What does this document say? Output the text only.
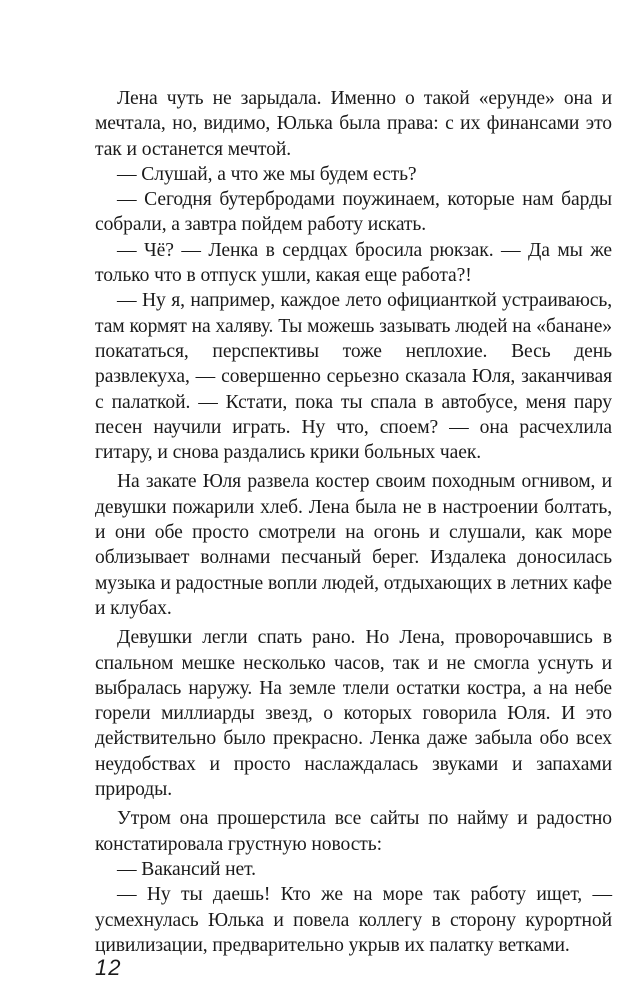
Лена чуть не зарыдала. Именно о такой «ерунде» она и мечтала, но, видимо, Юлька была права: с их финансами это так и останется мечтой.

— Слушай, а что же мы будем есть?

— Сегодня бутербродами поужинаем, которые нам барды собрали, а завтра пойдем работу искать.

— Чё? — Ленка в сердцах бросила рюкзак. — Да мы же только что в отпуск ушли, какая еще работа?!

— Ну я, например, каждое лето официанткой устраиваюсь, там кормят на халяву. Ты можешь зазывать людей на «банане» покататься, перспективы тоже неплохие. Весь день развлекуха, — совершенно серьезно сказала Юля, заканчивая с палаткой. — Кстати, пока ты спала в автобусе, меня пару песен научили играть. Ну что, споем? — она расчехлила гитару, и снова раздались крики больных чаек.

На закате Юля развела костер своим походным огнивом, и девушки пожарили хлеб. Лена была не в настроении болтать, и они обе просто смотрели на огонь и слушали, как море облизывает волнами песчаный берег. Издалека доносилась музыка и радостные вопли людей, отдыхающих в летних кафе и клубах.

Девушки легли спать рано. Но Лена, проворочавшись в спальном мешке несколько часов, так и не смогла уснуть и выбралась наружу. На земле тлели остатки костра, а на небе горели миллиарды звезд, о которых говорила Юля. И это действительно было прекрасно. Ленка даже забыла обо всех неудобствах и просто наслаждалась звуками и запахами природы.

Утром она прошерстила все сайты по найму и радостно констатировала грустную новость:

— Вакансий нет.

— Ну ты даешь! Кто же на море так работу ищет, — усмехнулась Юлька и повела коллегу в сторону курортной цивилизации, предварительно укрыв их палатку ветками.

12
